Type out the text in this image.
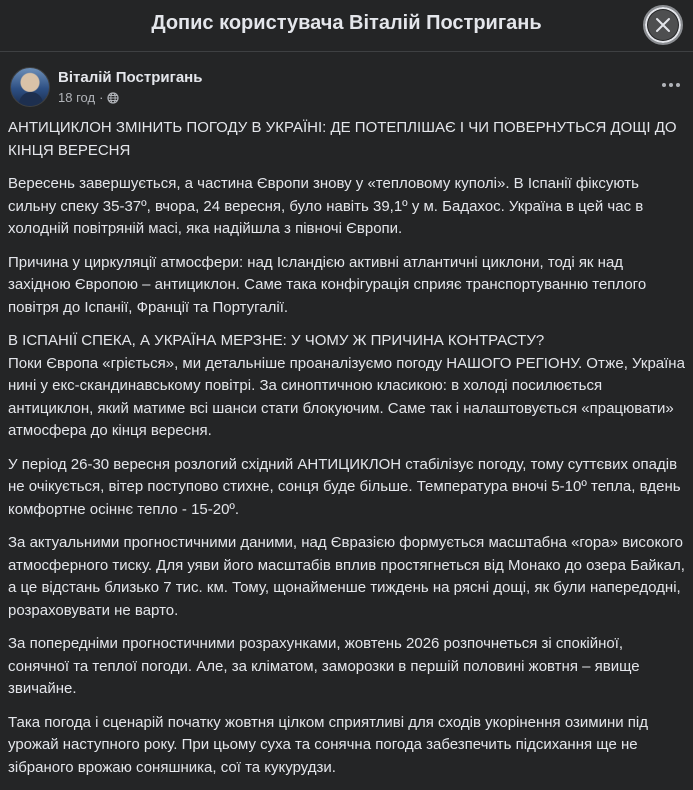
Допис користувача Віталій Постригань
Віталій Постригань
18 год ·

АНТИЦИКЛОН ЗМІНИТЬ ПОГОДУ В УКРАЇНІ: ДЕ ПОТЕПЛІШАЄ І ЧИ ПОВЕРНУТЬСЯ ДОЩІ ДО КІНЦЯ ВЕРЕСНЯ

Вересень завершується, а частина Європи знову у «тепловому куполі». В Іспанії фіксують сильну спеку 35-37º, вчора, 24 вересня, було навіть 39,1º у м. Бадахос. Україна в цей час в холодній повітряній масі, яка надійшла з півночі Європи.

Причина у циркуляції атмосфери: над Ісландією активні атлантичні циклони, тоді як над західною Європою – антициклон. Саме така конфігурація сприяє транспортуванню теплого повітря до Іспанії, Франції та Португалії.

В ІСПАНІЇ СПЕКА, А УКРАЇНА МЕРЗНЕ: У ЧОМУ Ж ПРИЧИНА КОНТРАСТУ?
Поки Європа «гріється», ми детальніше проаналізуємо погоду НАШОГО РЕГІОНУ. Отже, Україна нині у екс-скандинавському повітрі. За синоптичною класикою: в холоді посилюється антициклон, який матиме всі шанси стати блокуючим. Саме так і налаштовується «працювати» атмосфера до кінця вересня.

У період 26-30 вересня розлогий східний АНТИЦИКЛОН стабілізує погоду, тому суттєвих опадів не очікується, вітер поступово стихне, сонця буде більше. Температура вночі 5-10º тепла, вдень комфортне осіннє тепло - 15-20º.

За актуальними прогностичними даними, над Євразією формується масштабна «гора» високого атмосферного тиску. Для уяви його масштабів вплив простягнеться від Монако до озера Байкал, а це відстань близько 7 тис. км. Тому, щонайменше тиждень на рясні дощі, як були напередодні, розраховувати не варто.

За попередніми прогностичними розрахунками, жовтень 2026 розпочнеться зі спокійної, сонячної та теплої погоди. Але, за кліматом, заморозки в першій половині жовтня – явище звичайне.

Така погода і сценарій початку жовтня цілком сприятливі для сходів укорінення озимини під урожай наступного року. При цьому суха та сонячна погода забезпечить підсихання ще не зібраного врожаю соняшника, сої та кукурудзи.
